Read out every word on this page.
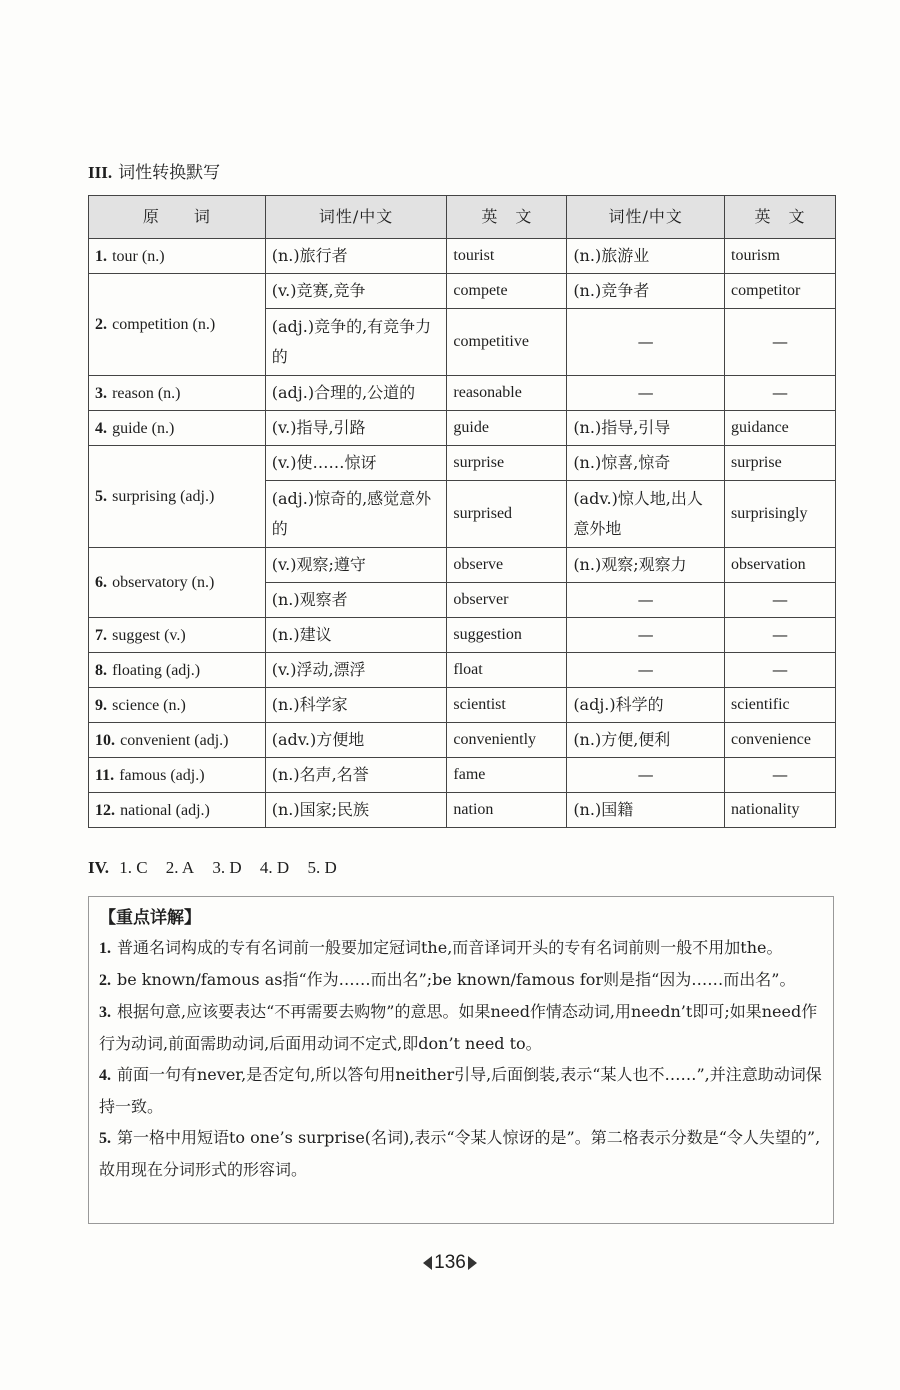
III. 词性转换默写
原　　词	词性/中文	英　文	词性/中文	英　文
1. tour (n.)	(n.)旅行者	tourist	(n.)旅游业	tourism
2. competition (n.)	(v.)竞赛,竞争	compete	(n.)竞争者	competitor
	(adj.)竞争的,有竞争力的	competitive	—	—
3. reason (n.)	(adj.)合理的,公道的	reasonable	—	—
4. guide (n.)	(v.)指导,引路	guide	(n.)指导,引导	guidance
5. surprising (adj.)	(v.)使……惊讶	surprise	(n.)惊喜,惊奇	surprise
	(adj.)惊奇的,感觉意外的	surprised	(adv.)惊人地,出人意外地	surprisingly
6. observatory (n.)	(v.)观察;遵守	observe	(n.)观察;观察力	observation
	(n.)观察者	observer	—	—
7. suggest (v.)	(n.)建议	suggestion	—	—
8. floating (adj.)	(v.)浮动,漂浮	float	—	—
9. science (n.)	(n.)科学家	scientist	(adj.)科学的	scientific
10. convenient (adj.)	(adv.)方便地	conveniently	(n.)方便,便利	convenience
11. famous (adj.)	(n.)名声,名誉	fame	—	—
12. national (adj.)	(n.)国家;民族	nation	(n.)国籍	nationality
IV. 1. C 2. A 3. D 4. D 5. D
【重点详解】
1. 普通名词构成的专有名词前一般要加定冠词the,而音译词开头的专有名词前则一般不用加the。
2. be known/famous as指“作为……而出名”;be known/famous for则是指“因为……而出名”。
3. 根据句意,应该要表达“不再需要去购物”的意思。如果need作情态动词,用needn’t即可;如果need作行为动词,前面需助动词,后面用动词不定式,即don’t need to。
4. 前面一句有never,是否定句,所以答句用neither引导,后面倒装,表示“某人也不……”,并注意助动词保持一致。
5. 第一格中用短语to one’s surprise(名词),表示“令某人惊讶的是”。第二格表示分数是“令人失望的”,故用现在分词形式的形容词。
136
